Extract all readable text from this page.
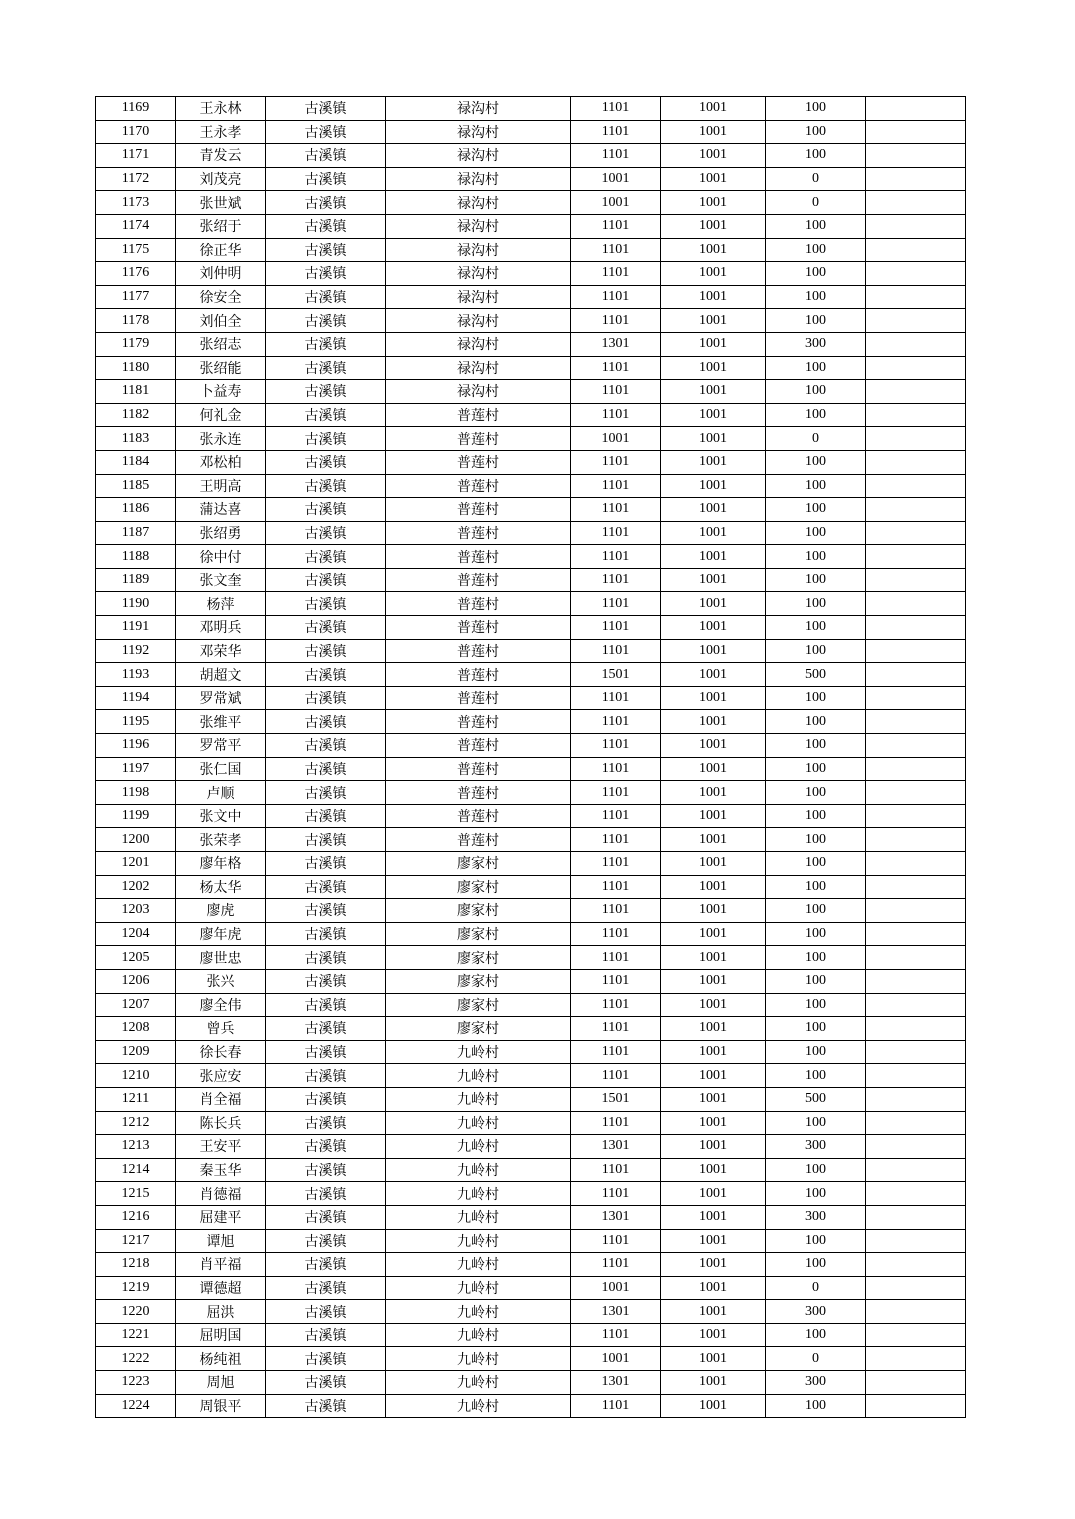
1169	王永林	古溪镇	禄沟村	1101	1001	100	
1170	王永孝	古溪镇	禄沟村	1101	1001	100	
1171	青发云	古溪镇	禄沟村	1101	1001	100	
1172	刘茂亮	古溪镇	禄沟村	1001	1001	0	
1173	张世斌	古溪镇	禄沟村	1001	1001	0	
1174	张绍于	古溪镇	禄沟村	1101	1001	100	
1175	徐正华	古溪镇	禄沟村	1101	1001	100	
1176	刘仲明	古溪镇	禄沟村	1101	1001	100	
1177	徐安全	古溪镇	禄沟村	1101	1001	100	
1178	刘伯全	古溪镇	禄沟村	1101	1001	100	
1179	张绍志	古溪镇	禄沟村	1301	1001	300	
1180	张绍能	古溪镇	禄沟村	1101	1001	100	
1181	卜益寿	古溪镇	禄沟村	1101	1001	100	
1182	何礼金	古溪镇	普莲村	1101	1001	100	
1183	张永连	古溪镇	普莲村	1001	1001	0	
1184	邓松柏	古溪镇	普莲村	1101	1001	100	
1185	王明高	古溪镇	普莲村	1101	1001	100	
1186	蒲达喜	古溪镇	普莲村	1101	1001	100	
1187	张绍勇	古溪镇	普莲村	1101	1001	100	
1188	徐中付	古溪镇	普莲村	1101	1001	100	
1189	张文奎	古溪镇	普莲村	1101	1001	100	
1190	杨萍	古溪镇	普莲村	1101	1001	100	
1191	邓明兵	古溪镇	普莲村	1101	1001	100	
1192	邓荣华	古溪镇	普莲村	1101	1001	100	
1193	胡超文	古溪镇	普莲村	1501	1001	500	
1194	罗常斌	古溪镇	普莲村	1101	1001	100	
1195	张维平	古溪镇	普莲村	1101	1001	100	
1196	罗常平	古溪镇	普莲村	1101	1001	100	
1197	张仁国	古溪镇	普莲村	1101	1001	100	
1198	卢顺	古溪镇	普莲村	1101	1001	100	
1199	张文中	古溪镇	普莲村	1101	1001	100	
1200	张荣孝	古溪镇	普莲村	1101	1001	100	
1201	廖年格	古溪镇	廖家村	1101	1001	100	
1202	杨太华	古溪镇	廖家村	1101	1001	100	
1203	廖虎	古溪镇	廖家村	1101	1001	100	
1204	廖年虎	古溪镇	廖家村	1101	1001	100	
1205	廖世忠	古溪镇	廖家村	1101	1001	100	
1206	张兴	古溪镇	廖家村	1101	1001	100	
1207	廖全伟	古溪镇	廖家村	1101	1001	100	
1208	曾兵	古溪镇	廖家村	1101	1001	100	
1209	徐长春	古溪镇	九岭村	1101	1001	100	
1210	张应安	古溪镇	九岭村	1101	1001	100	
1211	肖全福	古溪镇	九岭村	1501	1001	500	
1212	陈长兵	古溪镇	九岭村	1101	1001	100	
1213	王安平	古溪镇	九岭村	1301	1001	300	
1214	秦玉华	古溪镇	九岭村	1101	1001	100	
1215	肖德福	古溪镇	九岭村	1101	1001	100	
1216	屈建平	古溪镇	九岭村	1301	1001	300	
1217	谭旭	古溪镇	九岭村	1101	1001	100	
1218	肖平福	古溪镇	九岭村	1101	1001	100	
1219	谭德超	古溪镇	九岭村	1001	1001	0	
1220	屈洪	古溪镇	九岭村	1301	1001	300	
1221	屈明国	古溪镇	九岭村	1101	1001	100	
1222	杨纯祖	古溪镇	九岭村	1001	1001	0	
1223	周旭	古溪镇	九岭村	1301	1001	300	
1224	周银平	古溪镇	九岭村	1101	1001	100	
